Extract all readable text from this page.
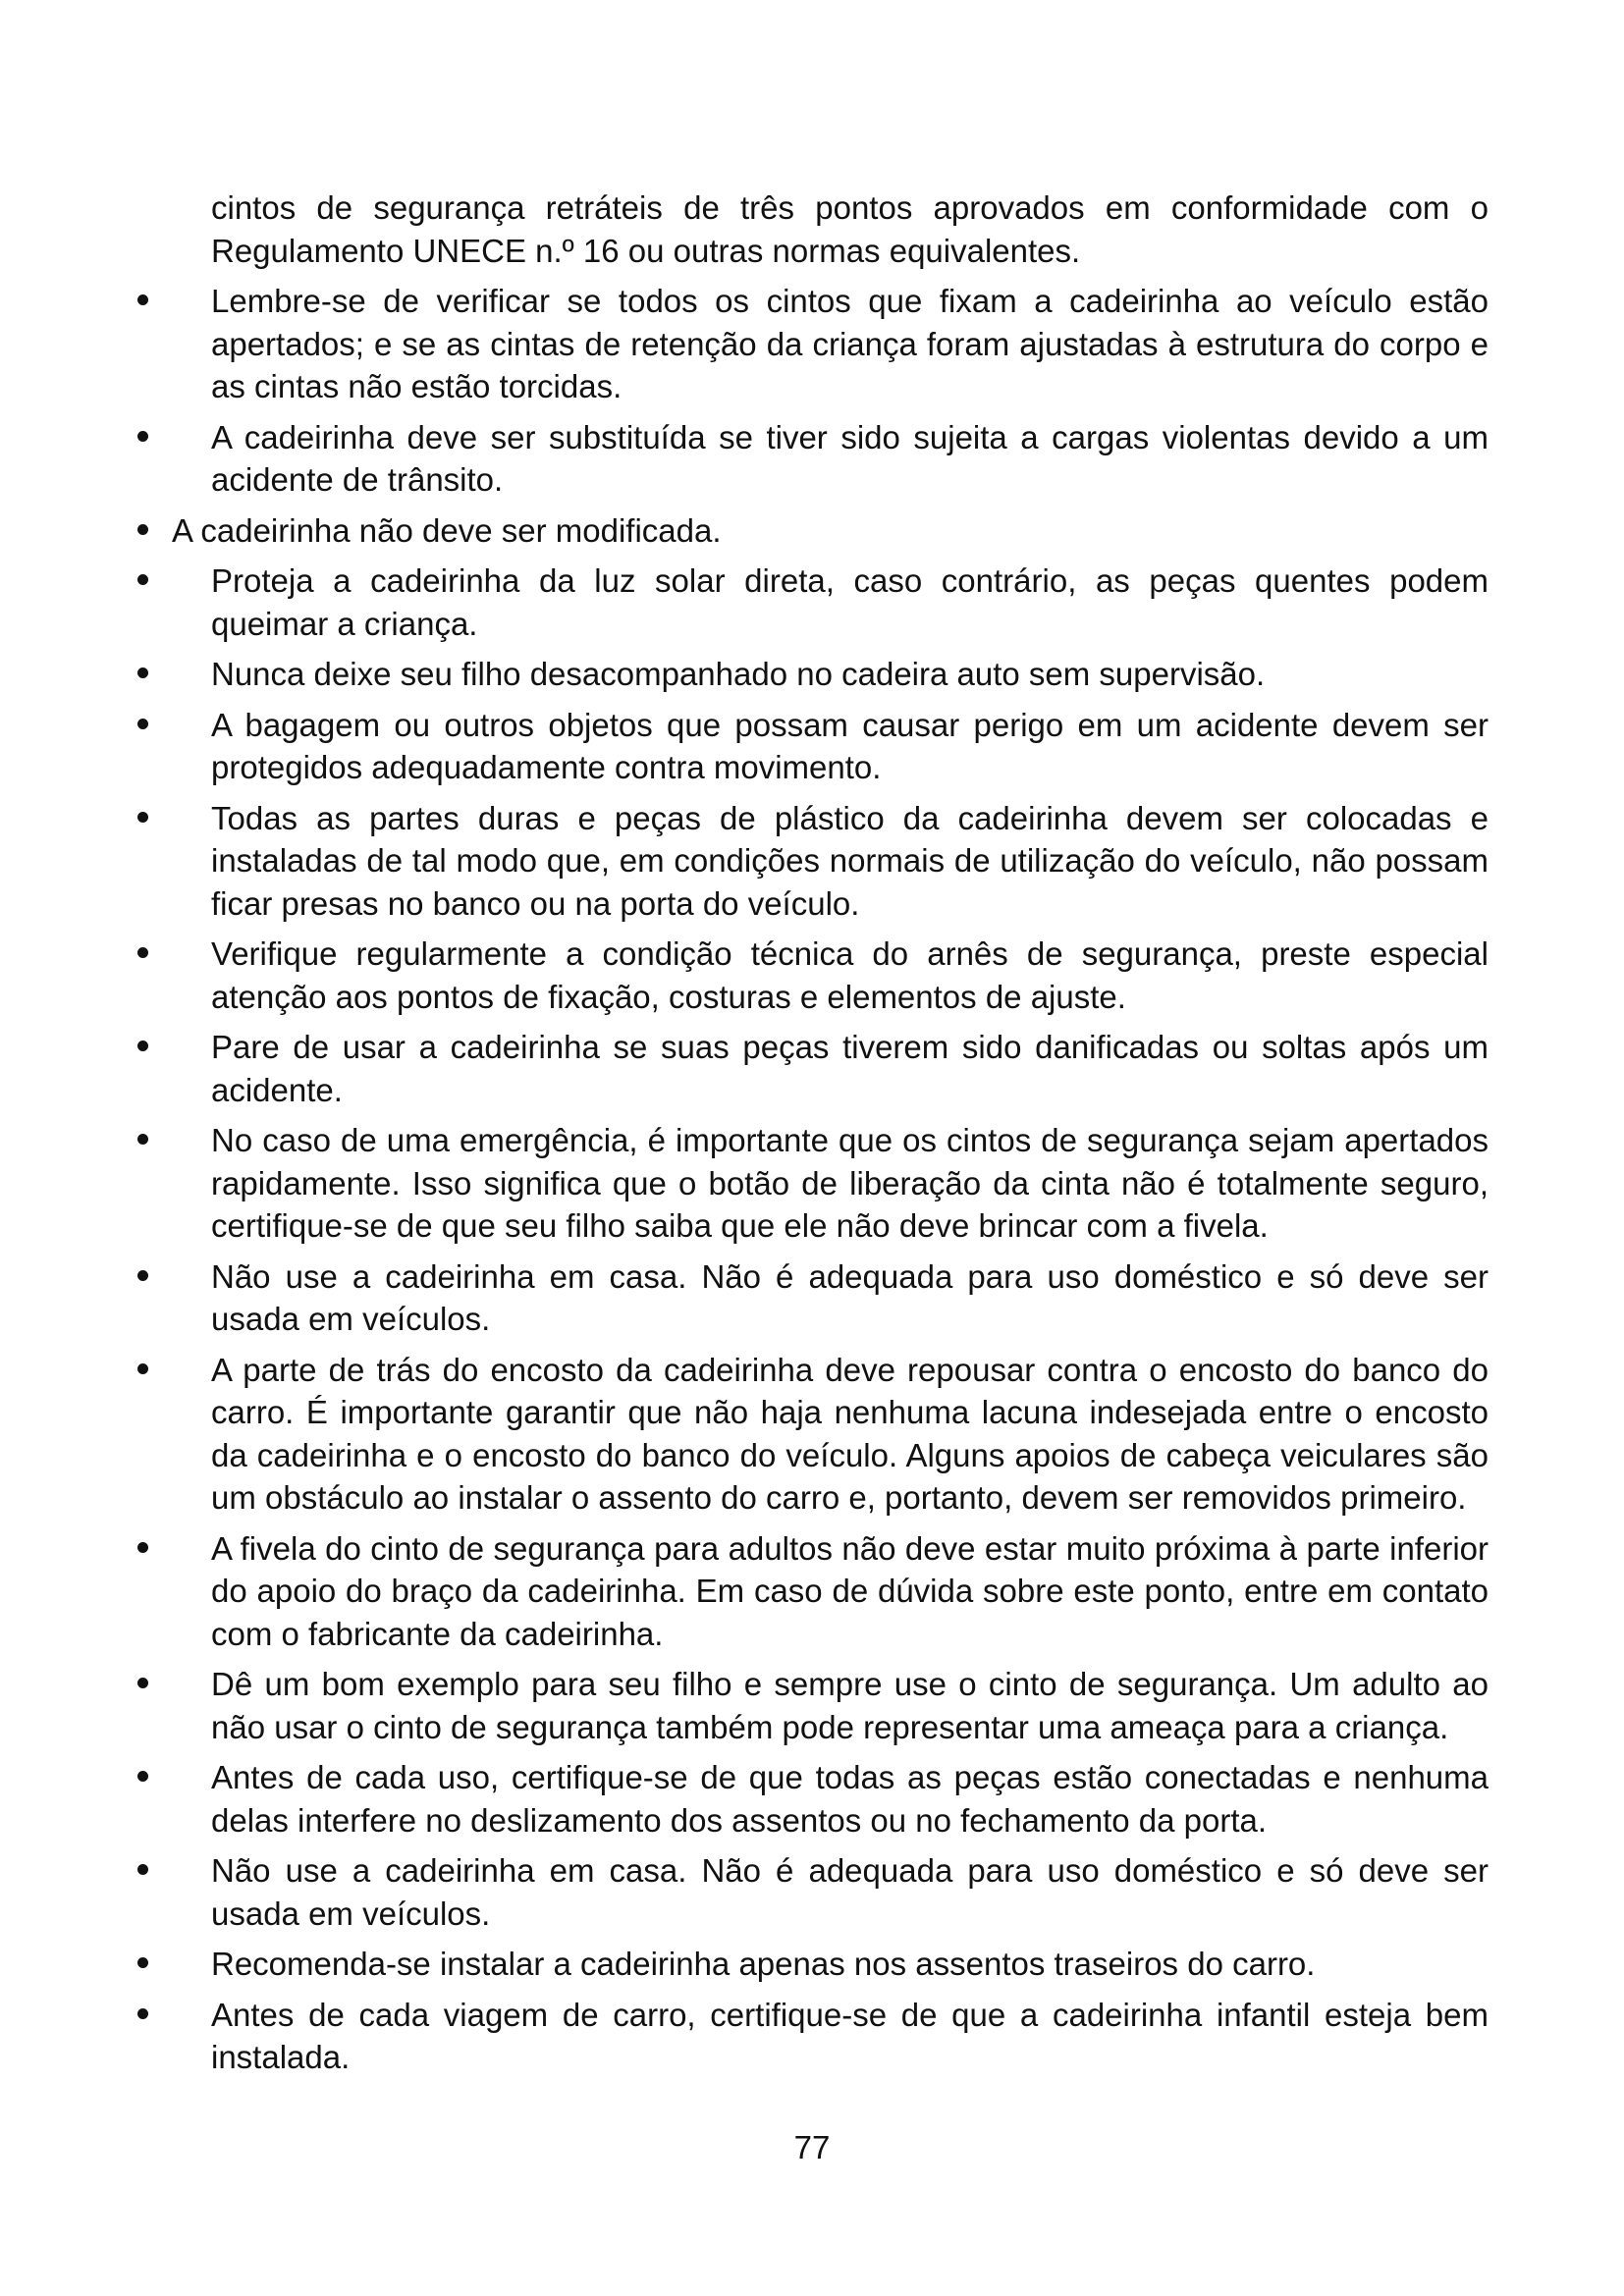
cintos de segurança retráteis de três pontos aprovados em conformidade com o Regulamento UNECE n.º 16 ou outras normas equivalentes.

Lembre-se de verificar se todos os cintos que fixam a cadeirinha ao veículo estão apertados; e se as cintas de retenção da criança foram ajustadas à estrutura do corpo e as cintas não estão torcidas.
A cadeirinha deve ser substituída se tiver sido sujeita a cargas violentas devido a um acidente de trânsito.
A cadeirinha não deve ser modificada.
Proteja a cadeirinha da luz solar direta, caso contrário, as peças quentes podem queimar a criança.
Nunca deixe seu filho desacompanhado no cadeira auto sem supervisão.
A bagagem ou outros objetos que possam causar perigo em um acidente devem ser protegidos adequadamente contra movimento.
Todas as partes duras e peças de plástico da cadeirinha devem ser colocadas e instaladas de tal modo que, em condições normais de utilização do veículo, não possam ficar presas no banco ou na porta do veículo.
Verifique regularmente a condição técnica do arnês de segurança, preste especial atenção aos pontos de fixação, costuras e elementos de ajuste.
Pare de usar a cadeirinha se suas peças tiverem sido danificadas ou soltas após um acidente.
No caso de uma emergência, é importante que os cintos de segurança sejam apertados rapidamente. Isso significa que o botão de liberação da cinta não é totalmente seguro, certifique-se de que seu filho saiba que ele não deve brincar com a fivela.
Não use a cadeirinha em casa. Não é adequada para uso doméstico e só deve ser usada em veículos.
A parte de trás do encosto da cadeirinha deve repousar contra o encosto do banco do carro. É importante garantir que não haja nenhuma lacuna indesejada entre o encosto da cadeirinha e o encosto do banco do veículo. Alguns apoios de cabeça veiculares são um obstáculo ao instalar o assento do carro e, portanto, devem ser removidos primeiro.
A fivela do cinto de segurança para adultos não deve estar muito próxima à parte inferior do apoio do braço da cadeirinha. Em caso de dúvida sobre este ponto, entre em contato com o fabricante da cadeirinha.
Dê um bom exemplo para seu filho e sempre use o cinto de segurança. Um adulto ao não usar o cinto de segurança também pode representar uma ameaça para a criança.
Antes de cada uso, certifique-se de que todas as peças estão conectadas e nenhuma delas interfere no deslizamento dos assentos ou no fechamento da porta.
Não use a cadeirinha em casa. Não é adequada para uso doméstico e só deve ser usada em veículos.
Recomenda-se instalar a cadeirinha apenas nos assentos traseiros do carro.
Antes de cada viagem de carro, certifique-se de que a cadeirinha infantil esteja bem instalada.
77
